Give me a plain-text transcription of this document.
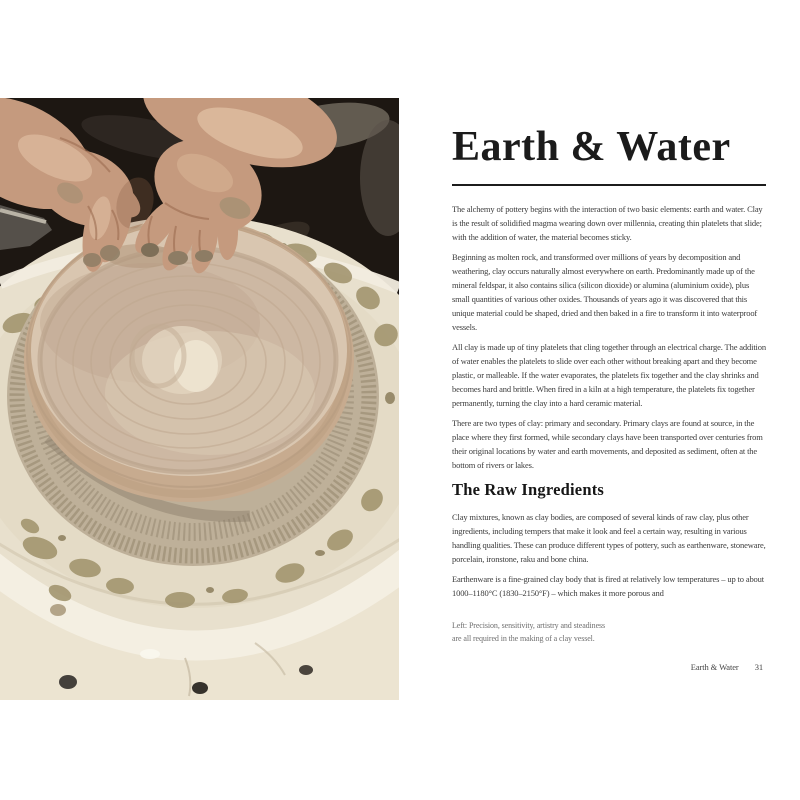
Earth & Water

The alchemy of pottery begins with the interaction of two basic elements: earth and water. Clay is the result of solidified magma wearing down over millennia, creating thin platelets that slide; with the addition of water, the material becomes sticky.

Beginning as molten rock, and transformed over millions of years by decomposition and weathering, clay occurs naturally almost everywhere on earth. Predominantly made up of the mineral feldspar, it also contains silica (silicon dioxide) or alumina (aluminium oxide), plus small quantities of various other oxides. Thousands of years ago it was discovered that this unique material could be shaped, dried and then baked in a fire to transform it into waterproof vessels.

All clay is made up of tiny platelets that cling together through an electrical charge. The addition of water enables the platelets to slide over each other without breaking apart and they become plastic, or malleable. If the water evaporates, the platelets fix together and the clay shrinks and becomes hard and brittle. When fired in a kiln at a high temperature, the platelets fix together permanently, turning the clay into a hard ceramic material.

There are two types of clay: primary and secondary. Primary clays are found at source, in the place where they first formed, while secondary clays have been transported over centuries from their original locations by water and earth movements, and deposited as sediment, often at the bottom of rivers or lakes.

The Raw Ingredients

Clay mixtures, known as clay bodies, are composed of several kinds of raw clay, plus other ingredients, including tempers that make it look and feel a certain way, resulting in various handling qualities. These can produce different types of pottery, such as earthenware, stoneware, porcelain, ironstone, raku and bone china.

Earthenware is a fine-grained clay body that is fired at relatively low temperatures – up to about 1000–1180°C (1830–2150°F) – which makes it more porous and

Left: Precision, sensitivity, artistry and steadiness
are all required in the making of a clay vessel.
Earth & Water 31
